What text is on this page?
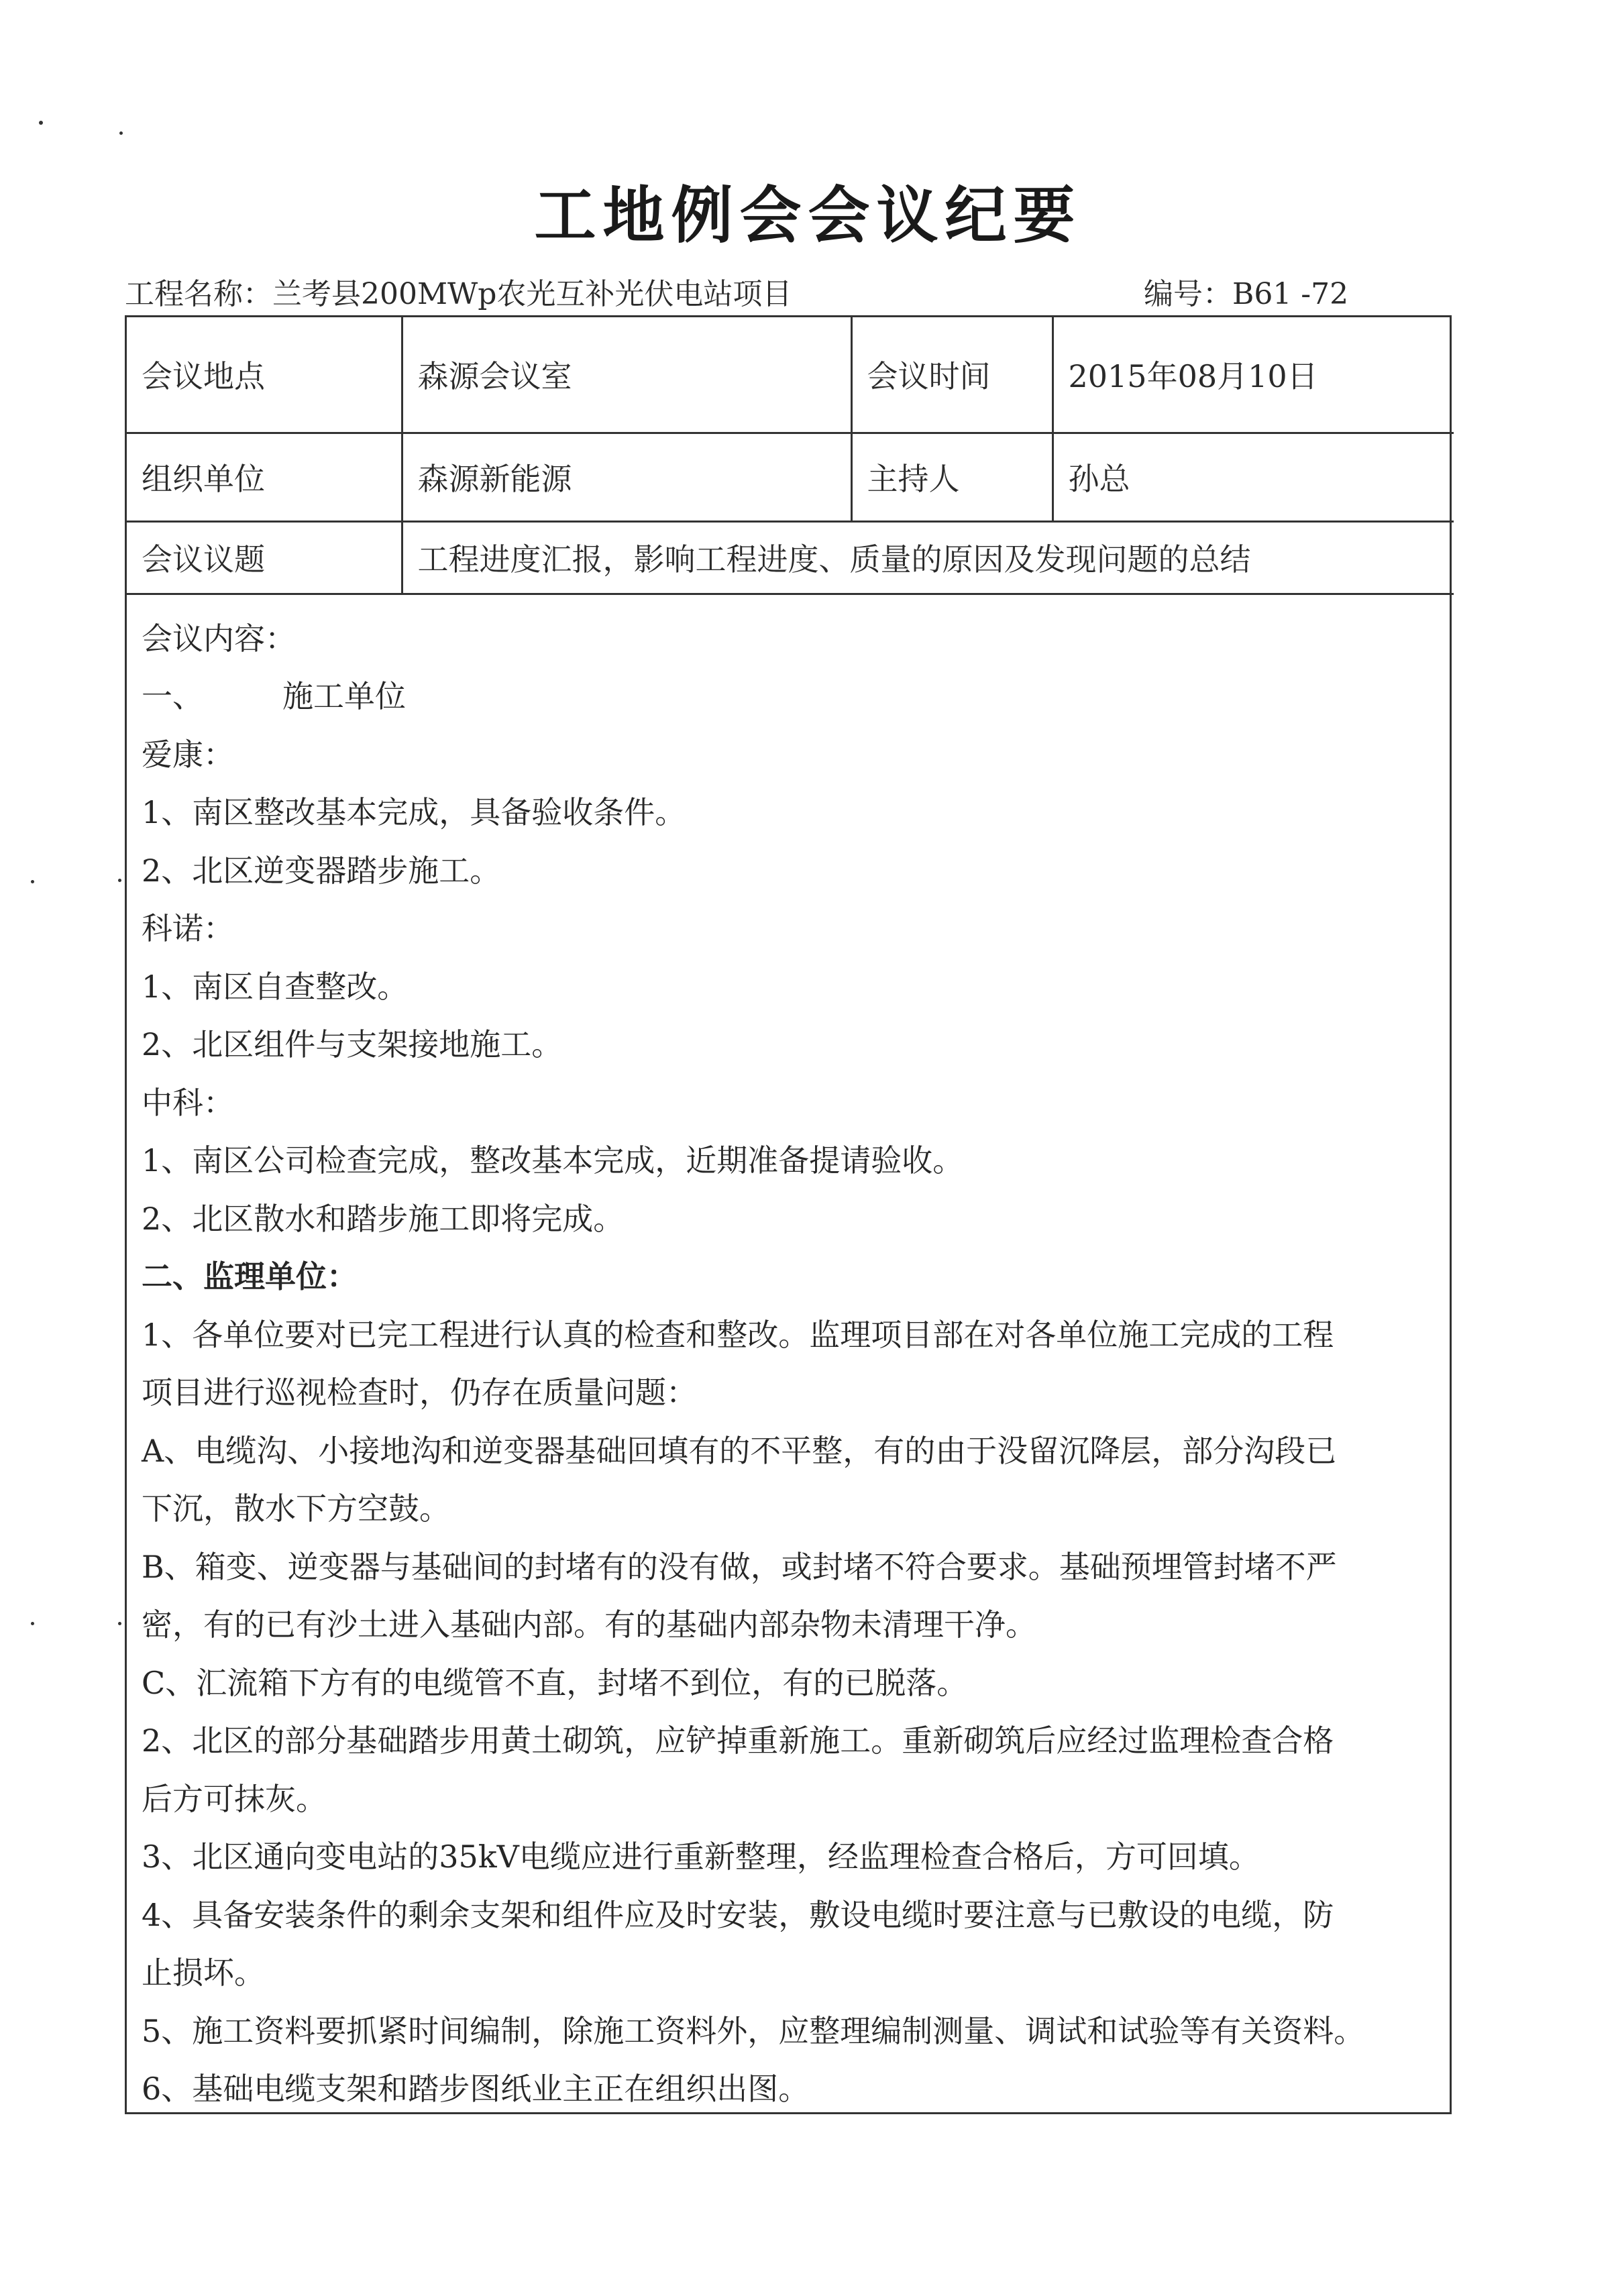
工地例会会议纪要
工程名称：兰考县200MWp农光互补光伏电站项目	编号：B61 -72
会议地点	森源会议室	会议时间	2015年08月10日
组织单位	森源新能源	主持人	孙总
会议议题	工程进度汇报，影响工程进度、质量的原因及发现问题的总结		
会议内容：
一、	施工单位
爱康：
1、南区整改基本完成，具备验收条件。
2、北区逆变器踏步施工。
科诺：
1、南区自查整改。
2、北区组件与支架接地施工。
中科：
1、南区公司检查完成，整改基本完成，近期准备提请验收。
2、北区散水和踏步施工即将完成。
二、监理单位：
1、各单位要对已完工程进行认真的检查和整改。监理项目部在对各单位施工完成的工程
项目进行巡视检查时，仍存在质量问题：
A、电缆沟、小接地沟和逆变器基础回填有的不平整，有的由于没留沉降层，部分沟段已
下沉，散水下方空鼓。
B、箱变、逆变器与基础间的封堵有的没有做，或封堵不符合要求。基础预埋管封堵不严
密，有的已有沙土进入基础内部。有的基础内部杂物未清理干净。
C、汇流箱下方有的电缆管不直，封堵不到位，有的已脱落。
2、北区的部分基础踏步用黄土砌筑，应铲掉重新施工。重新砌筑后应经过监理检查合格
后方可抹灰。
3、北区通向变电站的35kV电缆应进行重新整理，经监理检查合格后，方可回填。
4、具备安装条件的剩余支架和组件应及时安装，敷设电缆时要注意与已敷设的电缆，防
止损坏。
5、施工资料要抓紧时间编制，除施工资料外，应整理编制测量、调试和试验等有关资料。
6、基础电缆支架和踏步图纸业主正在组织出图。
